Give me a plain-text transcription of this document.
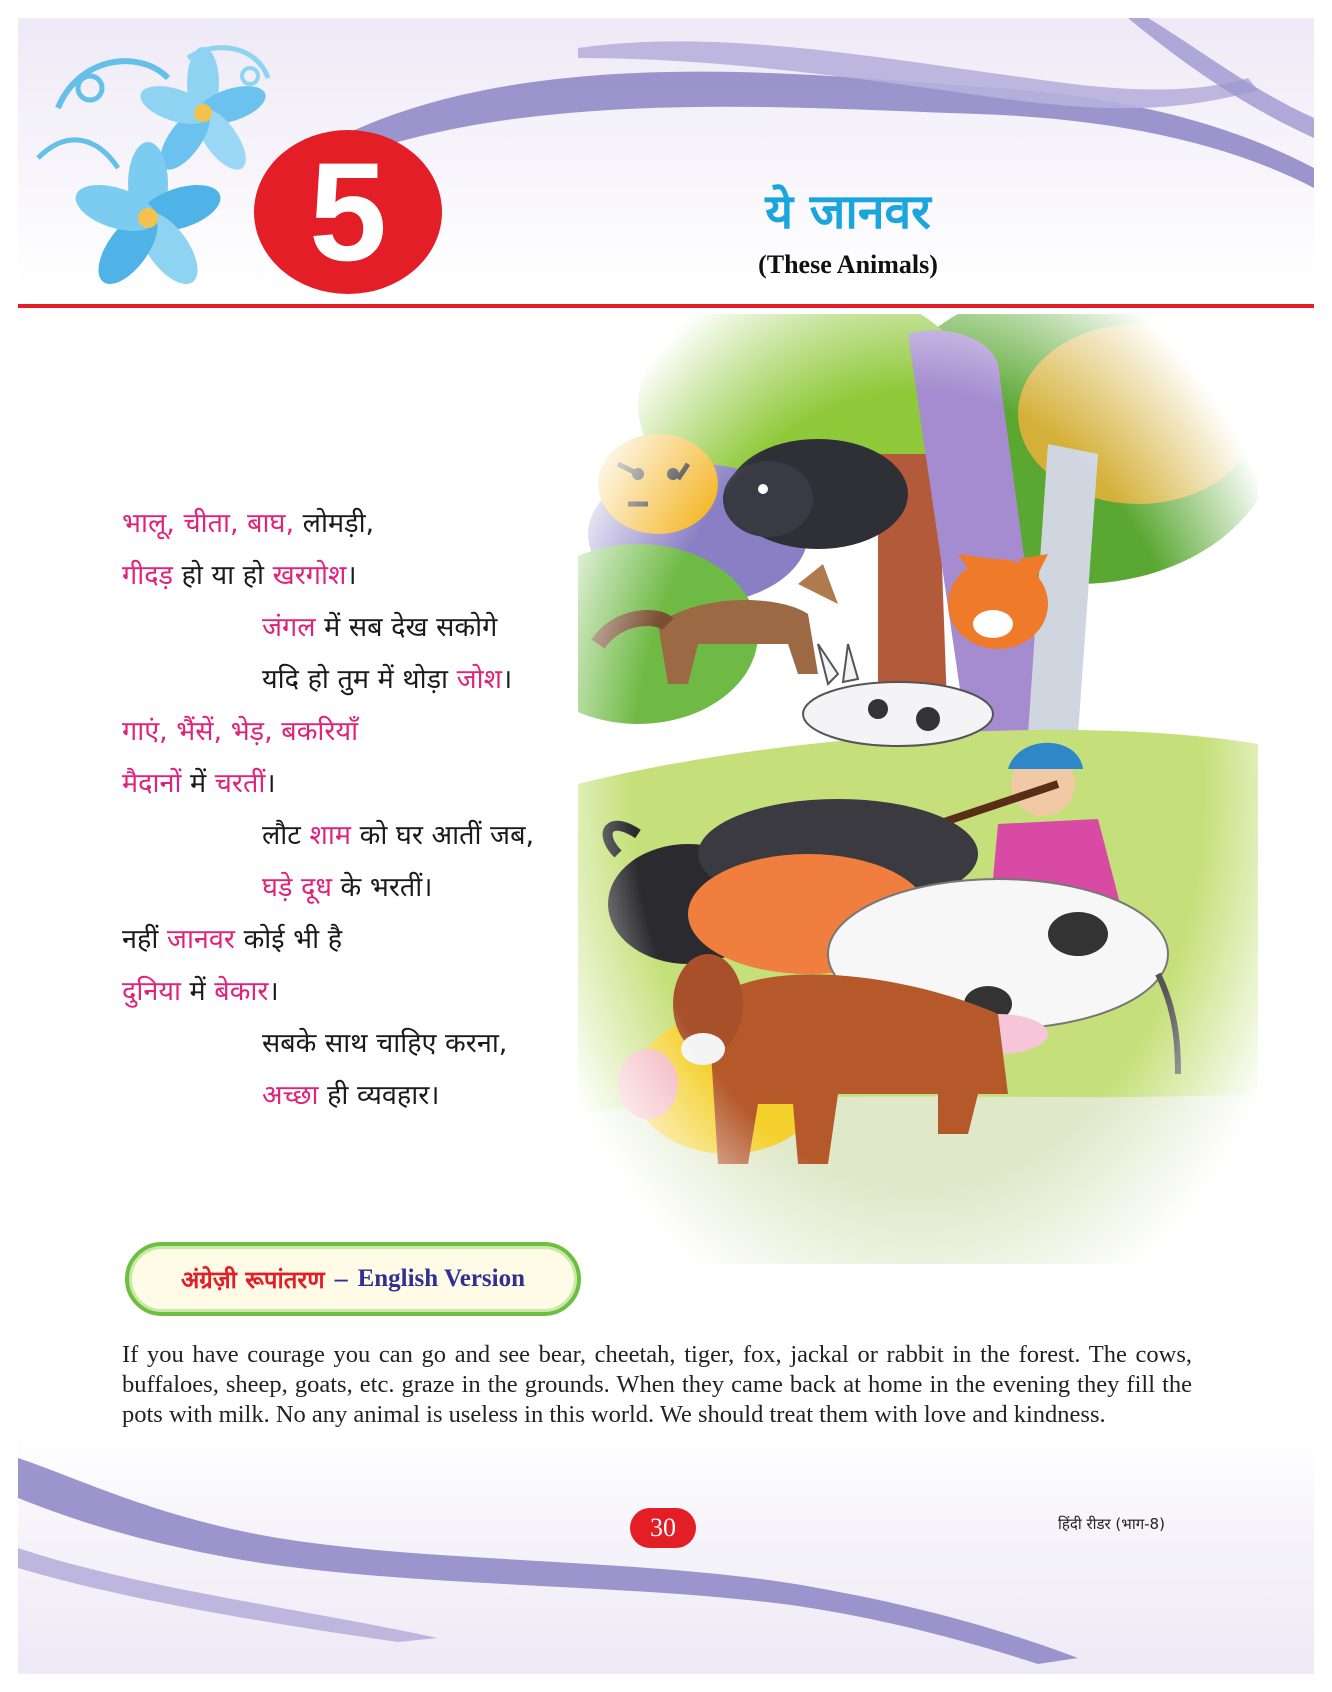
5	ये जानवर
(These Animals)
भालू, चीता, बाघ, लोमड़ी,
गीदड़ हो या हो खरगोश।
जंगल में सब देख सकोगे
यदि हो तुम में थोड़ा जोश।
गाएं, भैंसें, भेड़, बकरियाँ
मैदानों में चरतीं।
लौट शाम को घर आतीं जब,
घड़े दूध के भरतीं।
नहीं जानवर कोई भी है
दुनिया में बेकार।
सबके साथ चाहिए करना,
अच्छा ही व्यवहार।
अंग्रेज़ी रूपांतरण – English Version
If you have courage you can go and see bear, cheetah, tiger, fox, jackal or rabbit in the forest. The cows, buffaloes, sheep, goats, etc. graze in the grounds. When they came back at home in the evening they fill the pots with milk. No any animal is useless in this world. We should treat them with love and kindness.
30	हिंदी रीडर (भाग-8)
